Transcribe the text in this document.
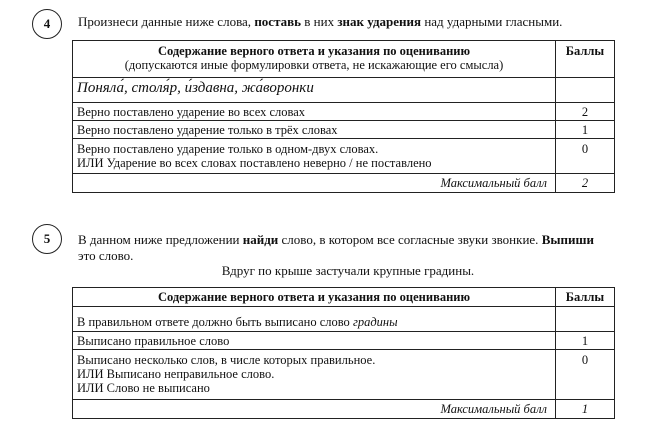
4 Произнеси данные ниже слова, поставь в них знак ударения над ударными гласными.
Содержание верного ответа и указания по оцениванию
(допускаются иные формулировки ответа, не искажающие его смысла)	Баллы
Поняла́, столя́р, и́здавна, жа́воронки	
Верно поставлено ударение во всех словах	2
Верно поставлено ударение только в трёх словах	1

Верно поставлено ударение только в одном-двух словах.
ИЛИ Ударение во всех словах поставлено неверно / не поставлено	0
Максимальный балл	2
5 В данном ниже предложении найди слово, в котором все согласные звуки звонкие. Выпиши
это слово.
Вдруг по крыше застучали крупные градины.
Содержание верного ответа и указания по оцениванию	Баллы
В правильном ответе должно быть выписано слово градины	
Выписано правильное слово	1

Выписано несколько слов, в числе которых правильное.
ИЛИ Выписано неправильное слово.
ИЛИ Слово не выписано	0
Максимальный балл	1
